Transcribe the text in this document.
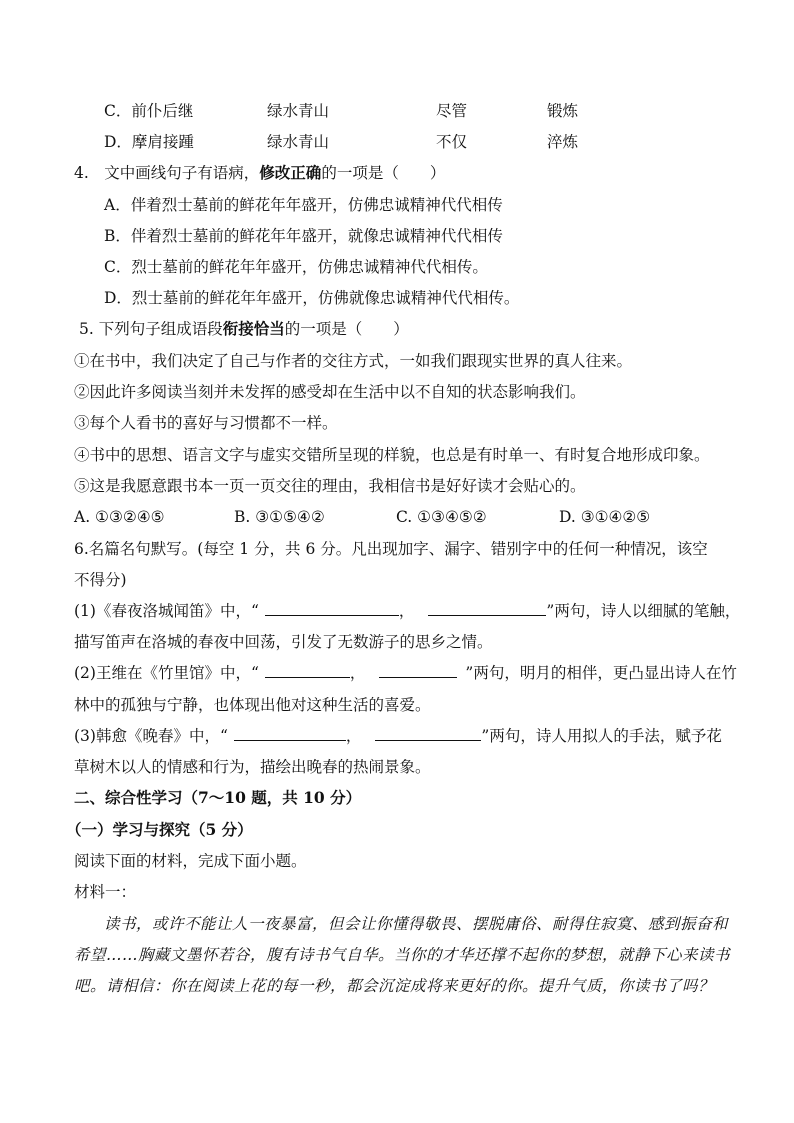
C．前仆后继	绿水青山	尽管	锻炼
D．摩肩接踵	绿水青山	不仅	淬炼
4.　文中画线句子有语病，修改正确的一项是（　　）
A．伴着烈士墓前的鲜花年年盛开，仿佛忠诚精神代代相传
B．伴着烈士墓前的鲜花年年盛开，就像忠诚精神代代相传
C．烈士墓前的鲜花年年盛开，仿佛忠诚精神代代相传。
D．烈士墓前的鲜花年年盛开，仿佛就像忠诚精神代代相传。
5. 下列句子组成语段衔接恰当的一项是（　　）
①在书中，我们决定了自己与作者的交往方式，一如我们跟现实世界的真人往来。
②因此许多阅读当刻并未发挥的感受却在生活中以不自知的状态影响我们。
③每个人看书的喜好与习惯都不一样。
④书中的思想、语言文字与虚实交错所呈现的样貌，也总是有时单一、有时复合地形成印象。
⑤这是我愿意跟书本一页一页交往的理由，我相信书是好好读才会贴心的。
A. ①③②④⑤	B. ③①⑤④②	C. ①③④⑤②	D. ③①④②⑤
6.名篇名句默写。(每空 1 分，共 6 分。凡出现加字、漏字、错别字中的任何一种情况，该空
不得分)
(1)《春夜洛城闻笛》中，“	，	”两句，诗人以细腻的笔触，
描写笛声在洛城的春夜中回荡，引发了无数游子的思乡之情。
(2)王维在《竹里馆》中，“	，	”两句，明月的相伴，更凸显出诗人在竹
林中的孤独与宁静，也体现出他对这种生活的喜爱。
(3)韩愈《晚春》中，“	，	”两句，诗人用拟人的手法，赋予花
草树木以人的情感和行为，描绘出晚春的热闹景象。
二、综合性学习（7～10 题，共 10 分）
（一）学习与探究（5 分）
阅读下面的材料，完成下面小题。
材料一：
读书，或许不能让人一夜暴富，但会让你懂得敬畏、摆脱庸俗、耐得住寂寞、感到振奋和
希望……胸藏文墨怀若谷，腹有诗书气自华。当你的才华还撑不起你的梦想，就静下心来读书
吧。请相信：你在阅读上花的每一秒，都会沉淀成将来更好的你。提升气质，你读书了吗？
